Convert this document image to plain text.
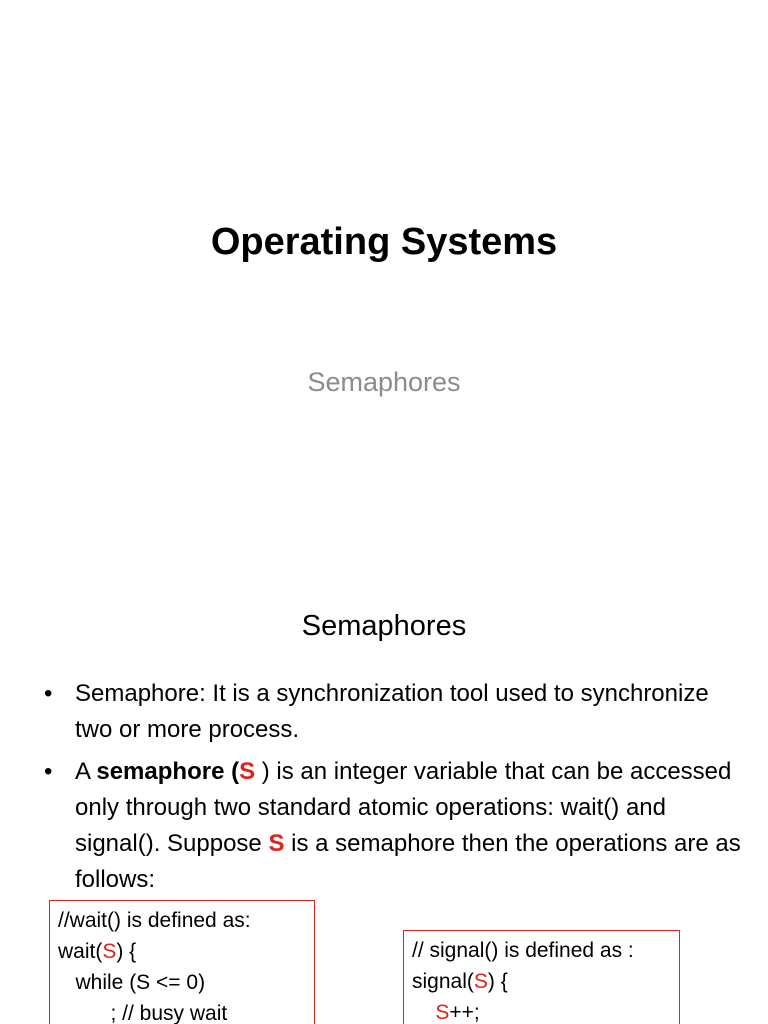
Operating Systems
Semaphores
Semaphores
• Semaphore: It is a synchronization tool used to synchronize two or more process.
• A semaphore (S ) is an integer variable that can be accessed only through two standard atomic operations: wait() and signal(). Suppose S is a semaphore then the operations are as follows:
//wait() is defined as:
wait(S) {
while (S <= 0)
; // busy wait
// signal() is defined as :
signal(S) {
S++;
